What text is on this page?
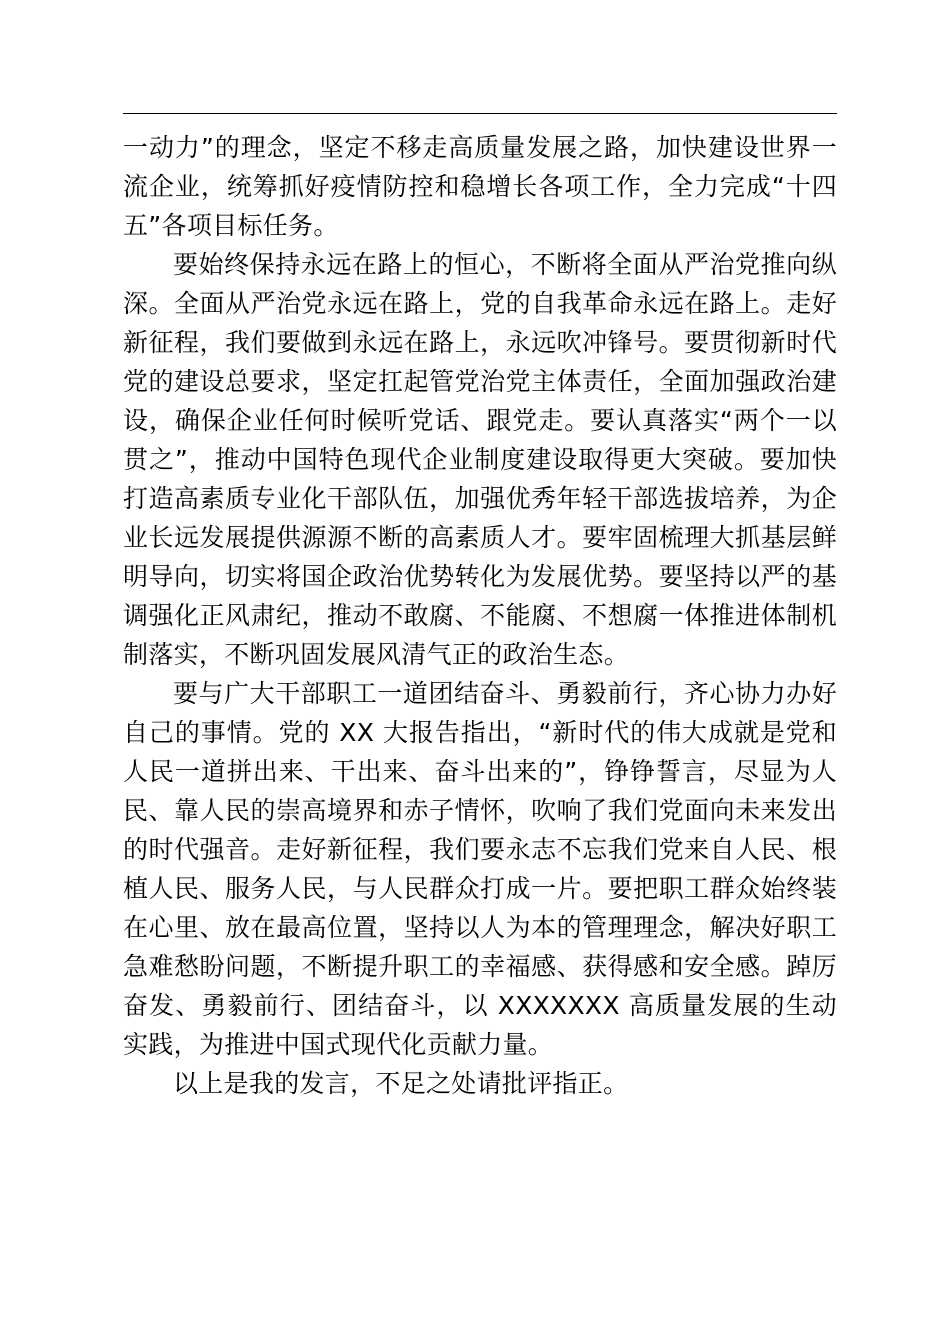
一动力”的理念，坚定不移走高质量发展之路，加快建设世界一流企业，统筹抓好疫情防控和稳增长各项工作，全力完成“十四五”各项目标任务。

要始终保持永远在路上的恒心，不断将全面从严治党推向纵深。全面从严治党永远在路上，党的自我革命永远在路上。走好新征程，我们要做到永远在路上，永远吹冲锋号。要贯彻新时代党的建设总要求，坚定扛起管党治党主体责任，全面加强政治建设，确保企业任何时候听党话、跟党走。要认真落实“两个一以贯之”，推动中国特色现代企业制度建设取得更大突破。要加快打造高素质专业化干部队伍，加强优秀年轻干部选拔培养，为企业长远发展提供源源不断的高素质人才。要牢固梳理大抓基层鲜明导向，切实将国企政治优势转化为发展优势。要坚持以严的基调强化正风肃纪，推动不敢腐、不能腐、不想腐一体推进体制机制落实，不断巩固发展风清气正的政治生态。

要与广大干部职工一道团结奋斗、勇毅前行，齐心协力办好自己的事情。党的 XX 大报告指出，“新时代的伟大成就是党和人民一道拼出来、干出来、奋斗出来的”，铮铮誓言，尽显为人民、靠人民的崇高境界和赤子情怀，吹响了我们党面向未来发出的时代强音。走好新征程，我们要永志不忘我们党来自人民、根植人民、服务人民，与人民群众打成一片。要把职工群众始终装在心里、放在最高位置，坚持以人为本的管理理念，解决好职工急难愁盼问题，不断提升职工的幸福感、获得感和安全感。踔厉奋发、勇毅前行、团结奋斗，以 XXXXXXX 高质量发展的生动实践，为推进中国式现代化贡献力量。

以上是我的发言，不足之处请批评指正。
